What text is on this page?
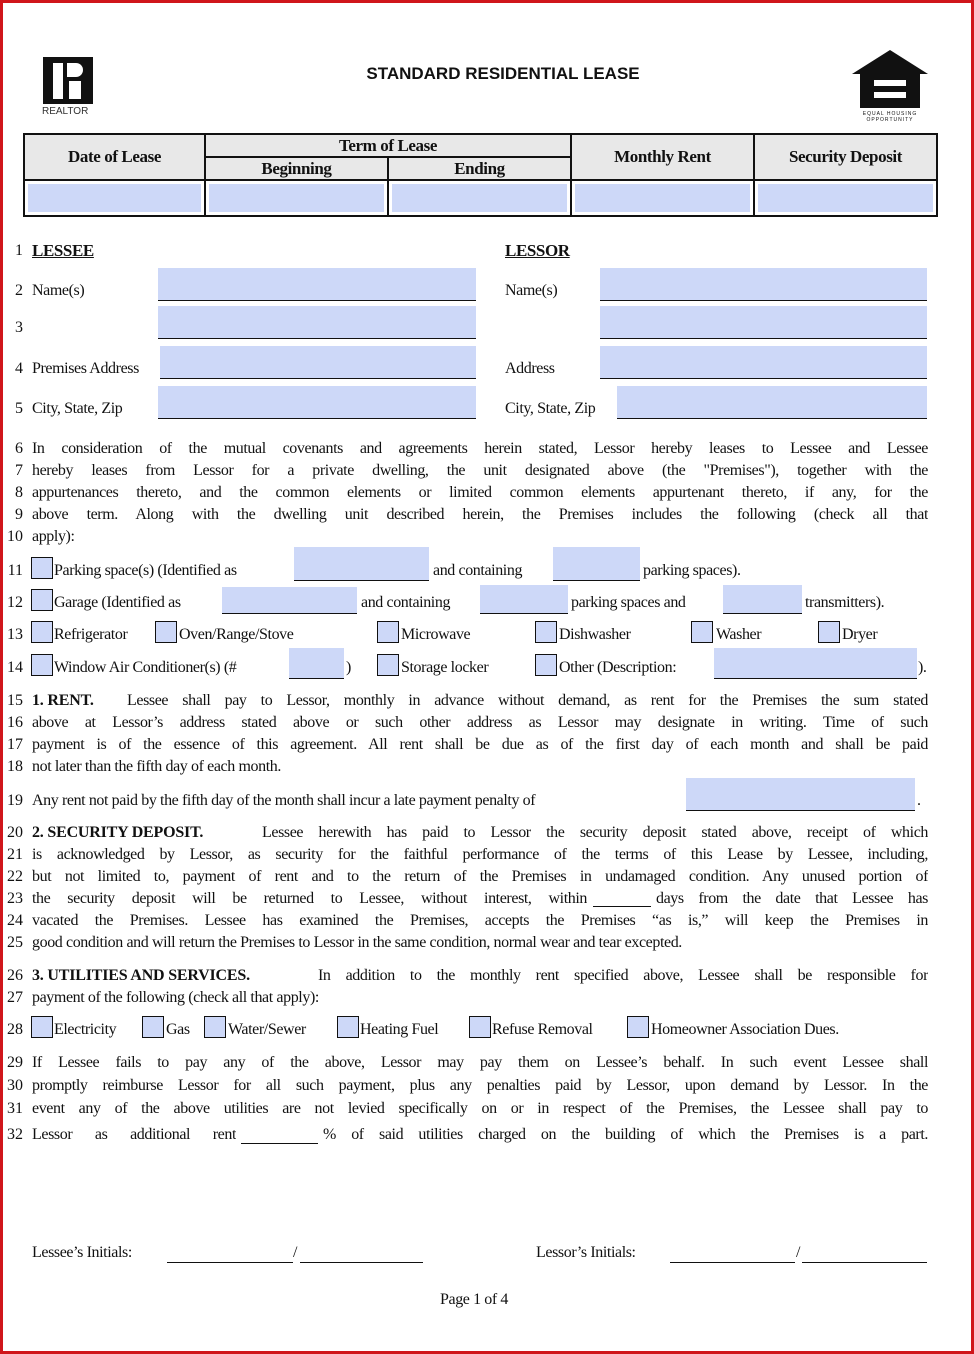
REALTOR	EQUAL HOUSING OPPORTUNITY
STANDARD RESIDENTIAL LEASE
Date of Lease	Term of Lease		Monthly Rent	Security Deposit
	Beginning	Ending		

1
2
3
4
5
6
7
8
9
10
11
12
13
14
15
16
17
18
19
20
21
22
23
24
25
26
27
28
29
30
31
32
LESSEE	LESSOR
Name(s)	Name(s)
Premises Address	Address
City, State, Zip	City, State, Zip
In consideration of the mutual covenants and agreements herein stated, Lessor hereby leases to Lessee and Lessee
hereby leases from Lessor for a private dwelling, the unit designated above (the "Premises"), together with the
appurtenances thereto, and the common elements or limited common elements appurtenant thereto, if any, for the
above term. Along with the dwelling unit described herein, the Premises includes the following (check all that
apply):
Parking space(s) (Identified as	and containing	parking spaces).
Garage (Identified as	and containing	parking spaces and	transmitters).
Refrigerator	Oven/Range/Stove	Microwave	Dishwasher	Washer	Dryer
Window Air Conditioner(s) (#	)	Storage locker	Other (Description:	).
1. RENT. Lessee shall pay to Lessor, monthly in advance without demand, as rent for the Premises the sum stated
above at Lessor’s address stated above or such other address as Lessor may designate in writing. Time of such
payment is of the essence of this agreement. All rent shall be due as of the first day of each month and shall be paid
not later than the fifth day of each month.
Any rent not paid by the fifth day of the month shall incur a late payment penalty of	.
2. SECURITY DEPOSIT.	Lessee herewith has paid to Lessor the security deposit stated above, receipt of which
is acknowledged by Lessor, as security for the faithful performance of the terms of this Lease by Lessee, including,
but not limited to, payment of rent and to the return of the Premises in undamaged condition. Any unused portion of
the security deposit will be returned to Lessee, without interest, within	days from the date that Lessee has
vacated the Premises. Lessee has examined the Premises, accepts the Premises “as is,” will keep the Premises in
good condition and will return the Premises to Lessor in the same condition, normal wear and tear excepted.
3. UTILITIES AND SERVICES.	In addition to the monthly rent specified above, Lessee shall be responsible for
payment of the following (check all that apply):
Electricity	Gas Water/Sewer	Heating Fuel	Refuse Removal	Homeowner Association Dues.
If Lessee fails to pay any of the above, Lessor may pay them on Lessee’s behalf. In such event Lessee shall
promptly reimburse Lessor for all such payment, plus any penalties paid by Lessor, upon demand by Lessor. In the
event any of the above utilities are not levied specifically on or in respect of the Premises, the Lessee shall pay to
Lessor as additional rent	% of said utilities charged on the building of which the Premises is a part.
Lessee’s Initials:	/	Lessor’s Initials:	/
Page 1 of 4
